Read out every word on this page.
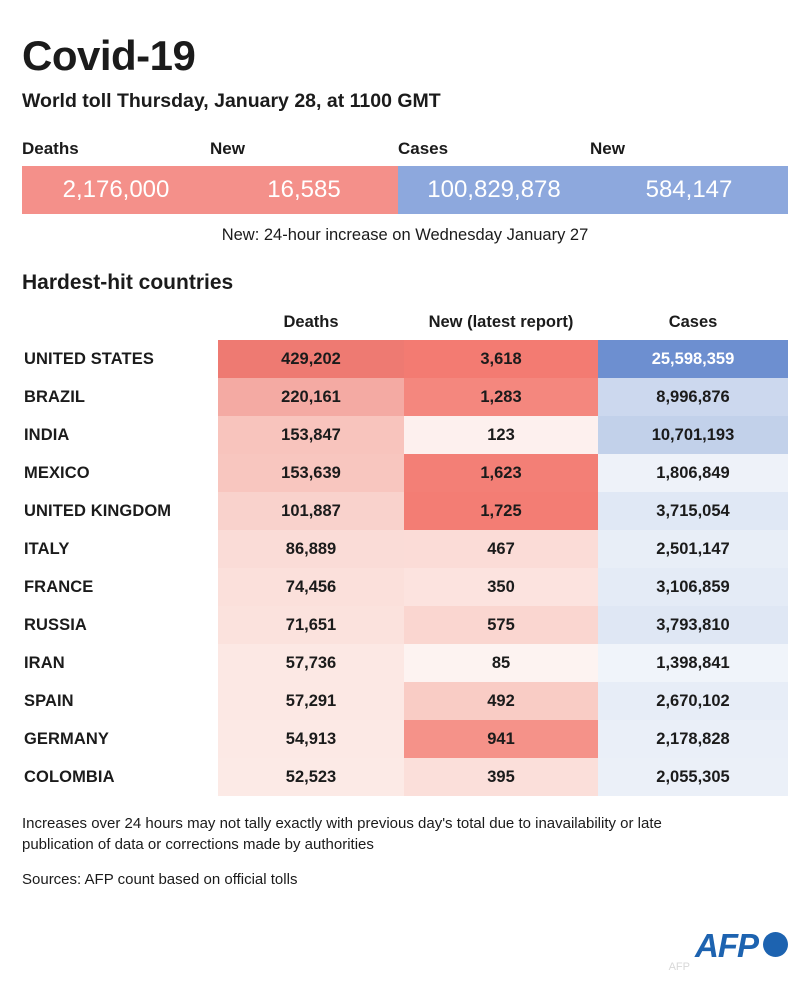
Covid-19
World toll Thursday, January 28, at 1100 GMT
Deaths	New	Cases	New
2,176,000	16,585	100,829,878	584,147
New: 24-hour increase on Wednesday January 27
Hardest-hit countries
	Deaths	New (latest report)	Cases
UNITED STATES	429,202	3,618	25,598,359
BRAZIL	220,161	1,283	8,996,876
INDIA	153,847	123	10,701,193
MEXICO	153,639	1,623	1,806,849
UNITED KINGDOM	101,887	1,725	3,715,054
ITALY	86,889	467	2,501,147
FRANCE	74,456	350	3,106,859
RUSSIA	71,651	575	3,793,810
IRAN	57,736	85	1,398,841
SPAIN	57,291	492	2,670,102
GERMANY	54,913	941	2,178,828
COLOMBIA	52,523	395	2,055,305
Increases over 24 hours may not tally exactly with previous day's total due to inavailability or late publication of data or corrections made by authorities
Sources: AFP count based on official tolls
AFP
AFP
